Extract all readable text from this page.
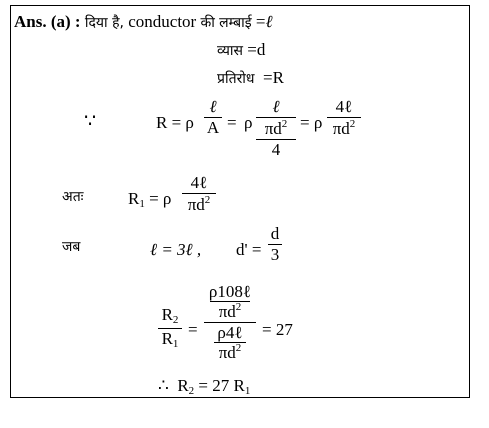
Ans. (a) : दिया है, conductor की लम्बाई =ℓ
व्यास =d
प्रतिरोध =R
∵	R = ρ
ℓ
A = ρ
ℓ
$\pi d^2$
4
= ρ
4ℓ
$\pi d^2$
अतः	$R_1 = \rho$
4ℓ
$\pi d^2$
जब	ℓ = 3ℓ , d' =
d
3
$R_2$
$R_1$
=
ρ108ℓ
$\pi d^2$
ρ4ℓ
$\pi d^2$
= 27
∴ $R_2 = 27$ $R_1$
